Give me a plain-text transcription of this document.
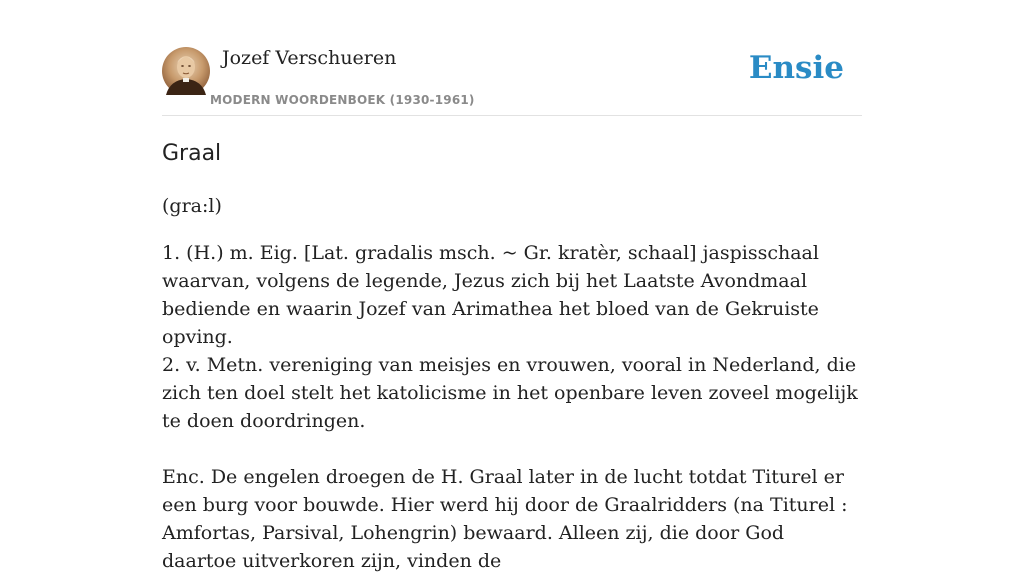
Jozef Verschueren
MODERN WOORDENBOEK (1930-1961)
Ensie
Graal
(gra:l)

1. (H.) m. Eig. [Lat. gradalis msch. ~ Gr. kratèr, schaal] jaspisschaal waarvan, volgens de legende, Jezus zich bij het Laatste Avondmaal bediende en waarin Jozef van Arimathea het bloed van de Gekruiste opving.

2. v. Metn. vereniging van meisjes en vrouwen, vooral in Nederland, die zich ten doel stelt het katolicisme in het openbare leven zoveel mogelijk te doen doordringen.

Enc. De engelen droegen de H. Graal later in de lucht totdat Titurel er een burg voor bouwde. Hier werd hij door de Graalridders (na Titurel : Amfortas, Parsival, Lohengrin) bewaard. Alleen zij, die door God daartoe uitverkoren zijn, vinden de
